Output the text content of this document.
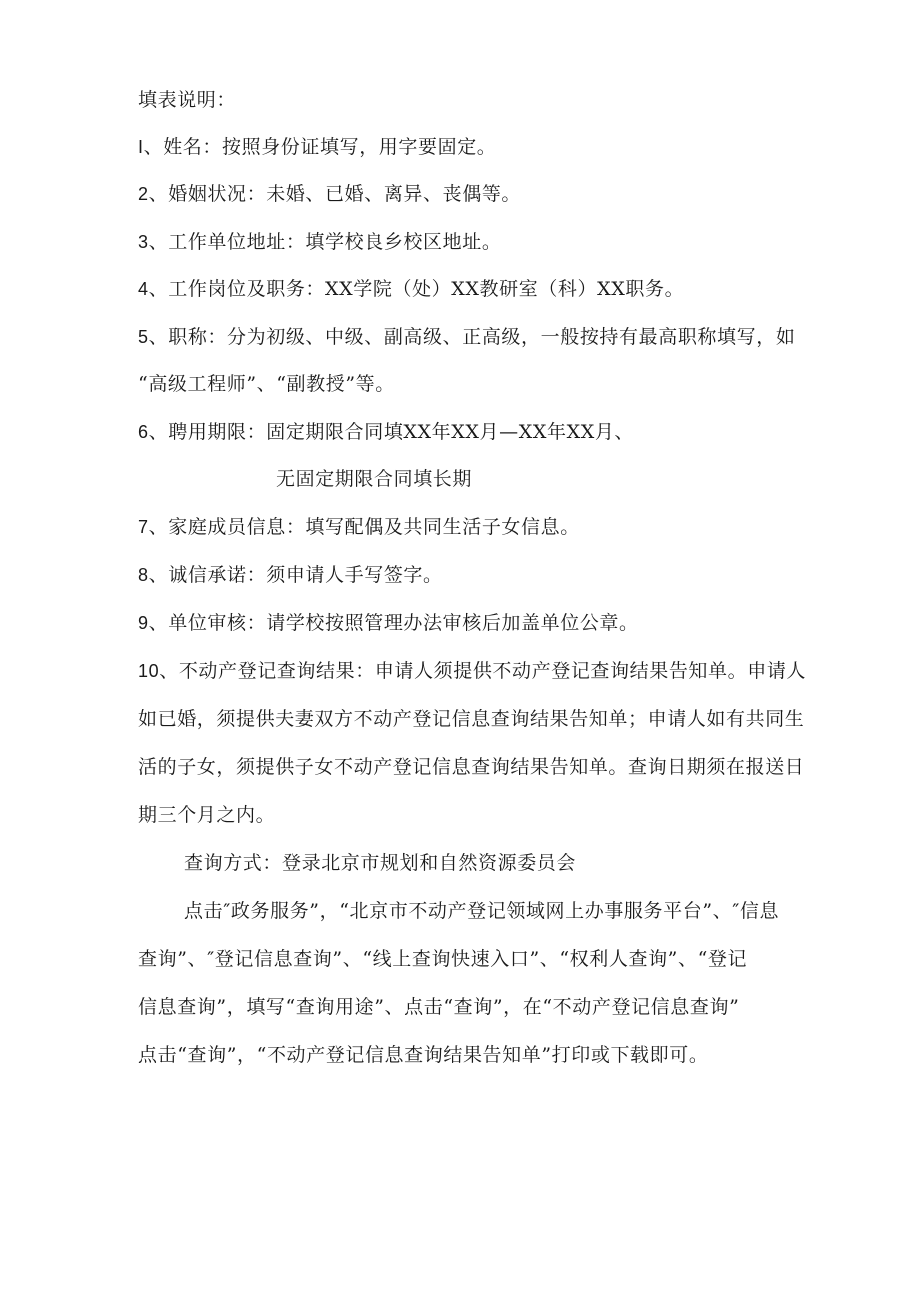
填表说明：
I、姓名：按照身份证填写，用字要固定。
2、婚姻状况：未婚、已婚、离异、丧偶等。
3、工作单位地址：填学校良乡校区地址。
4、工作岗位及职务：XX学院（处）XX教研室（科）XX职务。
5、职称：分为初级、中级、副高级、正高级，一般按持有最高职称填写，如
“高级工程师”、“副教授”等。
6、聘用期限：固定期限合同填XX年XX月—XX年XX月、
无固定期限合同填长期
7、家庭成员信息：填写配偶及共同生活子女信息。
8、诚信承诺：须申请人手写签字。
9、单位审核：请学校按照管理办法审核后加盖单位公章。
10、不动产登记查询结果：申请人须提供不动产登记查询结果告知单。申请人
如已婚，须提供夫妻双方不动产登记信息查询结果告知单；申请人如有共同生
活的子女，须提供子女不动产登记信息查询结果告知单。查询日期须在报送日
期三个月之内。
查询方式：登录北京市规划和自然资源委员会
点击″政务服务”，“北京市不动产登记领域网上办事服务平台”、″信息
查询”、″登记信息查询”、“线上查询快速入口”、“权利人查询”、“登记
信息查询”，填写“查询用途”、点击“查询”，在“不动产登记信息查询”
点击“查询”，“不动产登记信息查询结果告知单”打印或下载即可。
